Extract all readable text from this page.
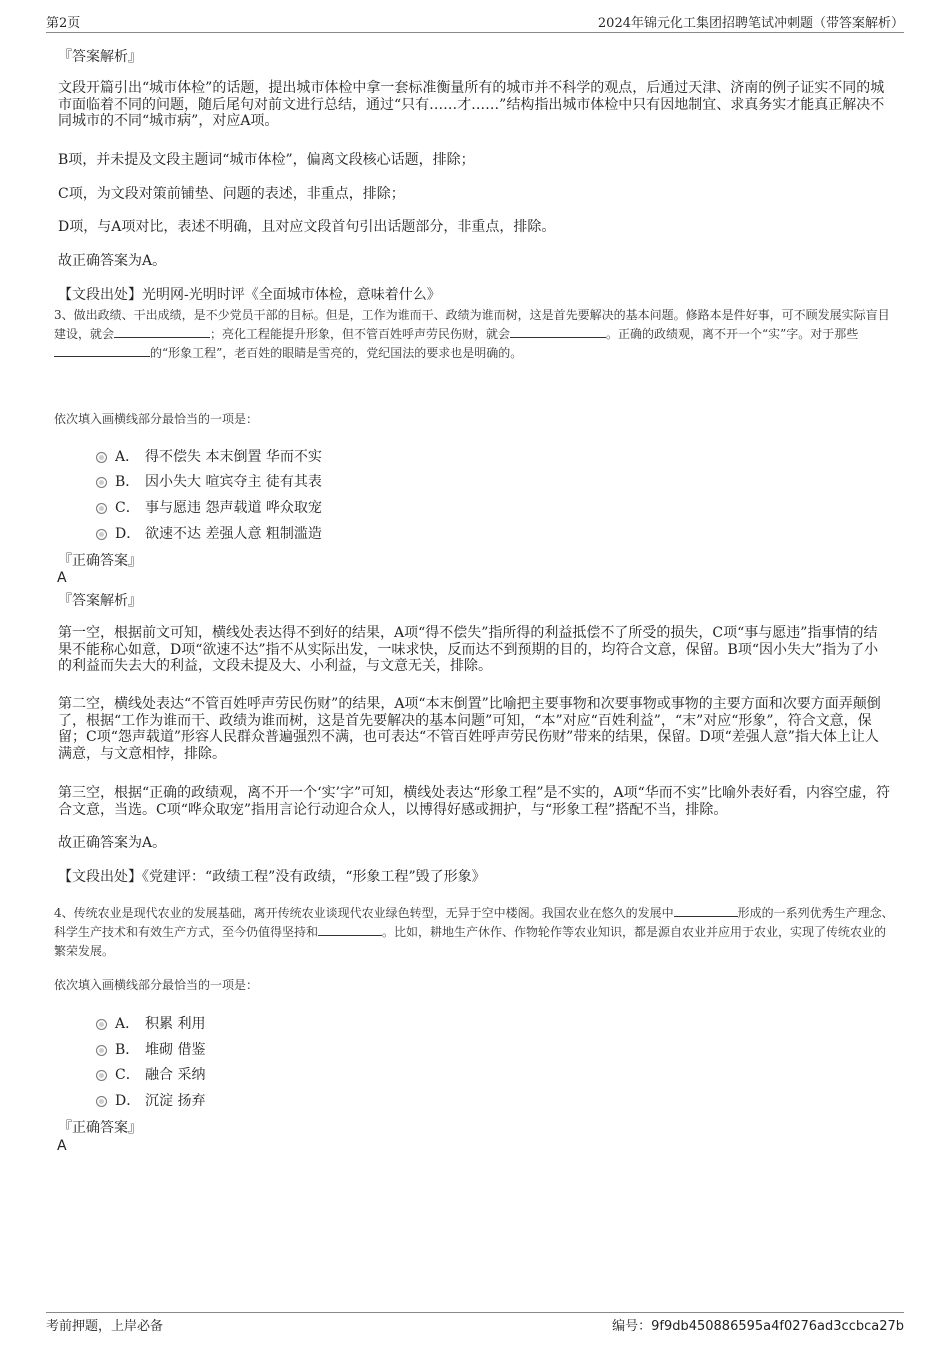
第2页	2024年锦元化工集团招聘笔试冲刺题（带答案解析）
『答案解析』
文段开篇引出“城市体检”的话题，提出城市体检中拿一套标准衡量所有的城市并不科学的观点，后通过天津、济南的例子证实不同的城市面临着不同的问题，随后尾句对前文进行总结，通过“只有……才……”结构指出城市体检中只有因地制宜、求真务实才能真正解决不同城市的不同“城市病”，对应A项。
B项，并未提及文段主题词“城市体检”，偏离文段核心话题，排除；
C项，为文段对策前铺垫、问题的表述，非重点，排除；
D项，与A项对比，表述不明确，且对应文段首句引出话题部分，非重点，排除。
故正确答案为A。
【文段出处】光明网-光明时评《全面城市体检，意味着什么》
3、做出政绩、干出成绩，是不少党员干部的目标。但是，工作为谁而干、政绩为谁而树，这是首先要解决的基本问题。修路本是件好事，可不顾发展实际盲目建设，就会	；亮化工程能提升形象，但不管百姓呼声劳民伤财，就会	。正确的政绩观，离不开一个“实”字。对于那些的“形象工程”，老百姓的眼睛是雪亮的，党纪国法的要求也是明确的。
依次填入画横线部分最恰当的一项是：
A． 得不偿失 本末倒置 华而不实
B． 因小失大 喧宾夺主 徒有其表
C． 事与愿违 怨声载道 哗众取宠
D． 欲速不达 差强人意 粗制滥造
『正确答案』
A
『答案解析』
第一空，根据前文可知，横线处表达得不到好的结果，A项“得不偿失”指所得的利益抵偿不了所受的损失，C项“事与愿违”指事情的结果不能称心如意，D项“欲速不达”指不从实际出发，一味求快，反而达不到预期的目的，均符合文意，保留。B项“因小失大”指为了小的利益而失去大的利益，文段未提及大、小利益，与文意无关，排除。
第二空，横线处表达“不管百姓呼声劳民伤财”的结果，A项“本末倒置”比喻把主要事物和次要事物或事物的主要方面和次要方面弄颠倒了，根据“工作为谁而干、政绩为谁而树，这是首先要解决的基本问题”可知，“本”对应“百姓利益”，“末”对应“形象”，符合文意，保留；C项“怨声载道”形容人民群众普遍强烈不满，也可表达“不管百姓呼声劳民伤财”带来的结果，保留。D项“差强人意”指大体上让人满意，与文意相悖，排除。
第三空，根据“正确的政绩观，离不开一个‘实’字”可知，横线处表达“形象工程”是不实的，A项“华而不实”比喻外表好看，内容空虚，符合文意，当选。C项“哗众取宠”指用言论行动迎合众人，以博得好感或拥护，与“形象工程”搭配不当，排除。
故正确答案为A。
【文段出处】《党建评：“政绩工程”没有政绩，“形象工程”毁了形象》
4、传统农业是现代农业的发展基础，离开传统农业谈现代农业绿色转型，无异于空中楼阁。我国农业在悠久的发展中	形成的一系列优秀生产理念、科学生产技术和有效生产方式，至今仍值得坚持和	。比如，耕地生产休作、作物轮作等农业知识，都是源自农业并应用于农业，实现了传统农业的繁荣发展。
依次填入画横线部分最恰当的一项是：
A． 积累 利用
B． 堆砌 借鉴
C． 融合 采纳
D． 沉淀 扬弃
『正确答案』
A
考前押题，上岸必备	编号：9f9db450886595a4f0276ad3ccbca27b
